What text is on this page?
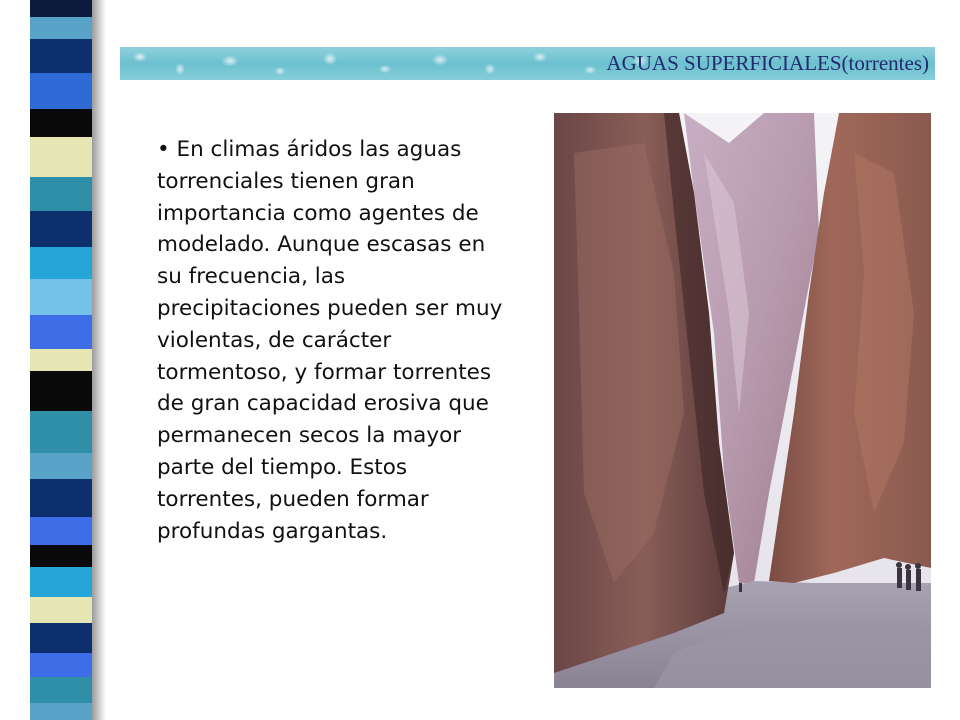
AGUAS SUPERFICIALES(torrentes)

• En climas áridos las aguas torrenciales tienen gran importancia como agentes de modelado. Aunque escasas en su frecuencia, las precipitaciones pueden ser muy violentas, de carácter tormentoso, y formar torrentes de gran capacidad erosiva que permanecen secos la mayor parte del tiempo. Estos torrentes, pueden formar profundas gargantas.
